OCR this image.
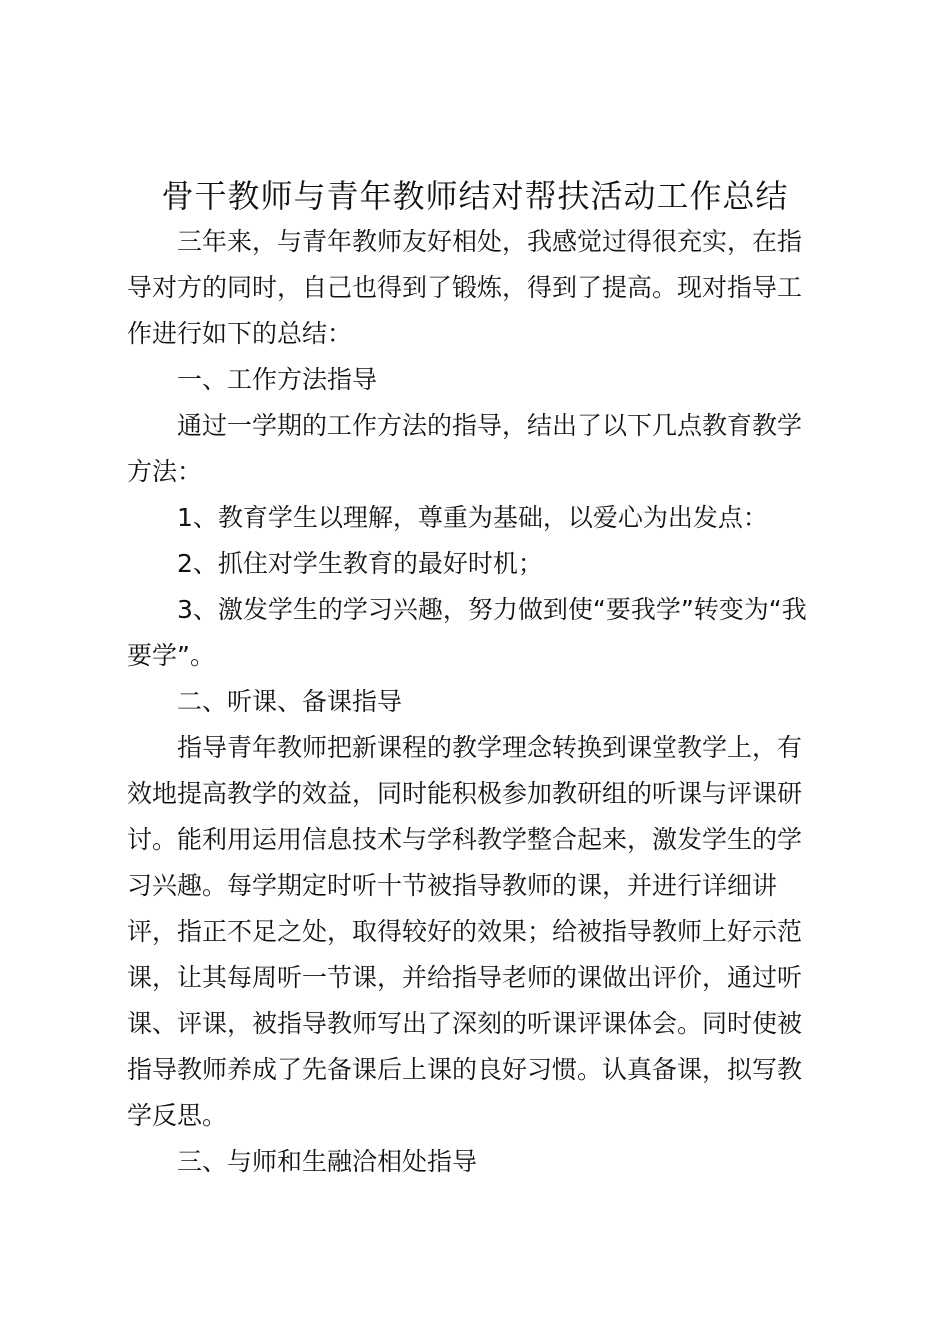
骨干教师与青年教师结对帮扶活动工作总结
三年来，与青年教师友好相处，我感觉过得很充实，在指
导对方的同时，自己也得到了锻炼，得到了提高。现对指导工
作进行如下的总结：
一、工作方法指导
通过一学期的工作方法的指导，结出了以下几点教育教学
方法：
1、教育学生以理解，尊重为基础，以爱心为出发点：
2、抓住对学生教育的最好时机；
3、激发学生的学习兴趣，努力做到使“要我学”转变为“我
要学”。
二、听课、备课指导
指导青年教师把新课程的教学理念转换到课堂教学上，有
效地提高教学的效益，同时能积极参加教研组的听课与评课研
讨。能利用运用信息技术与学科教学整合起来，激发学生的学
习兴趣。每学期定时听十节被指导教师的课，并进行详细讲
评，指正不足之处，取得较好的效果；给被指导教师上好示范
课，让其每周听一节课，并给指导老师的课做出评价，通过听
课、评课，被指导教师写出了深刻的听课评课体会。同时使被
指导教师养成了先备课后上课的良好习惯。认真备课，拟写教
学反思。
三、与师和生融洽相处指导
